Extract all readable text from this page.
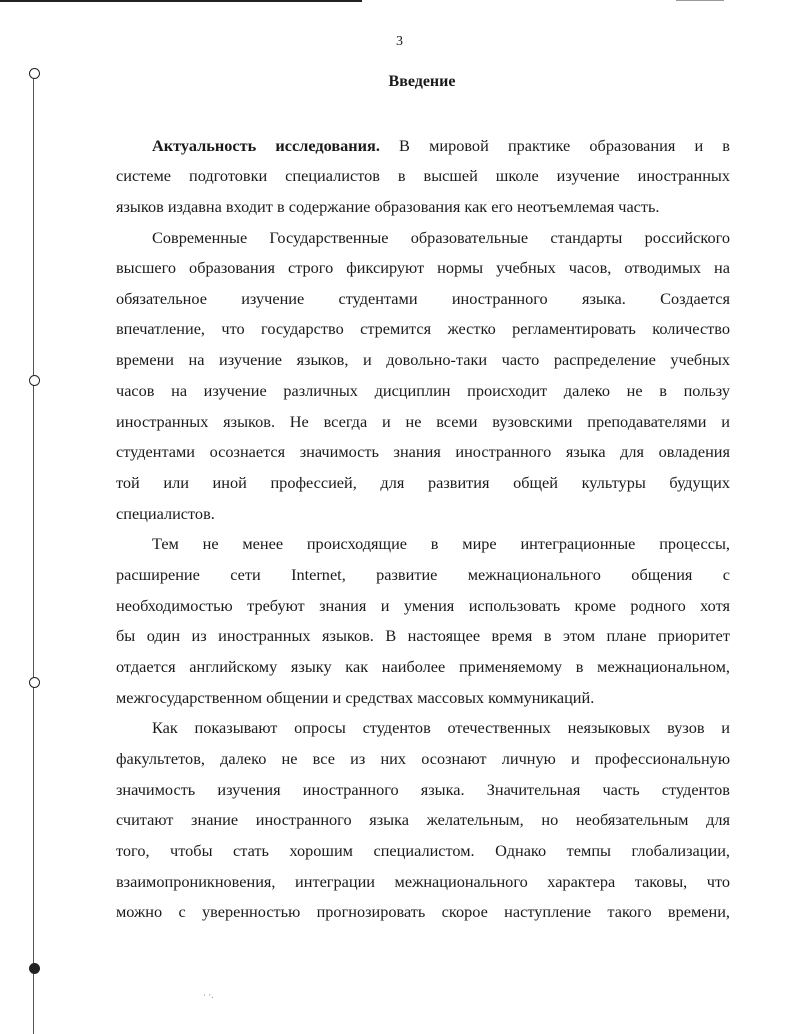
3
Введение
Актуальность исследования. В мировой практике образования и в
системе подготовки специалистов в высшей школе изучение иностранных
языков издавна входит в содержание образования как его неотъемлемая часть.
Современные Государственные образовательные стандарты российского
высшего образования строго фиксируют нормы учебных часов, отводимых на
обязательное изучение студентами иностранного языка. Создается
впечатление, что государство стремится жестко регламентировать количество
времени на изучение языков, и довольно-таки часто распределение учебных
часов на изучение различных дисциплин происходит далеко не в пользу
иностранных языков. Не всегда и не всеми вузовскими преподавателями и
студентами осознается значимость знания иностранного языка для овладения
той или иной профессией, для развития общей культуры будущих
специалистов.
Тем не менее происходящие в мире интеграционные процессы,
расширение сети Internet, развитие межнационального общения с
необходимостью требуют знания и умения использовать кроме родного хотя
бы один из иностранных языков. В настоящее время в этом плане приоритет
отдается английскому языку как наиболее применяемому в межнациональном,
межгосударственном общении и средствах массовых коммуникаций.
Как показывают опросы студентов отечественных неязыковых вузов и
факультетов, далеко не все из них осознают личную и профессиональную
значимость изучения иностранного языка. Значительная часть студентов
считают знание иностранного языка желательным, но необязательным для
того, чтобы стать хорошим специалистом. Однако темпы глобализации,
взаимопроникновения, интеграции межнационального характера таковы, что
можно с уверенностью прогнозировать скорое наступление такого времени,
· ·.
